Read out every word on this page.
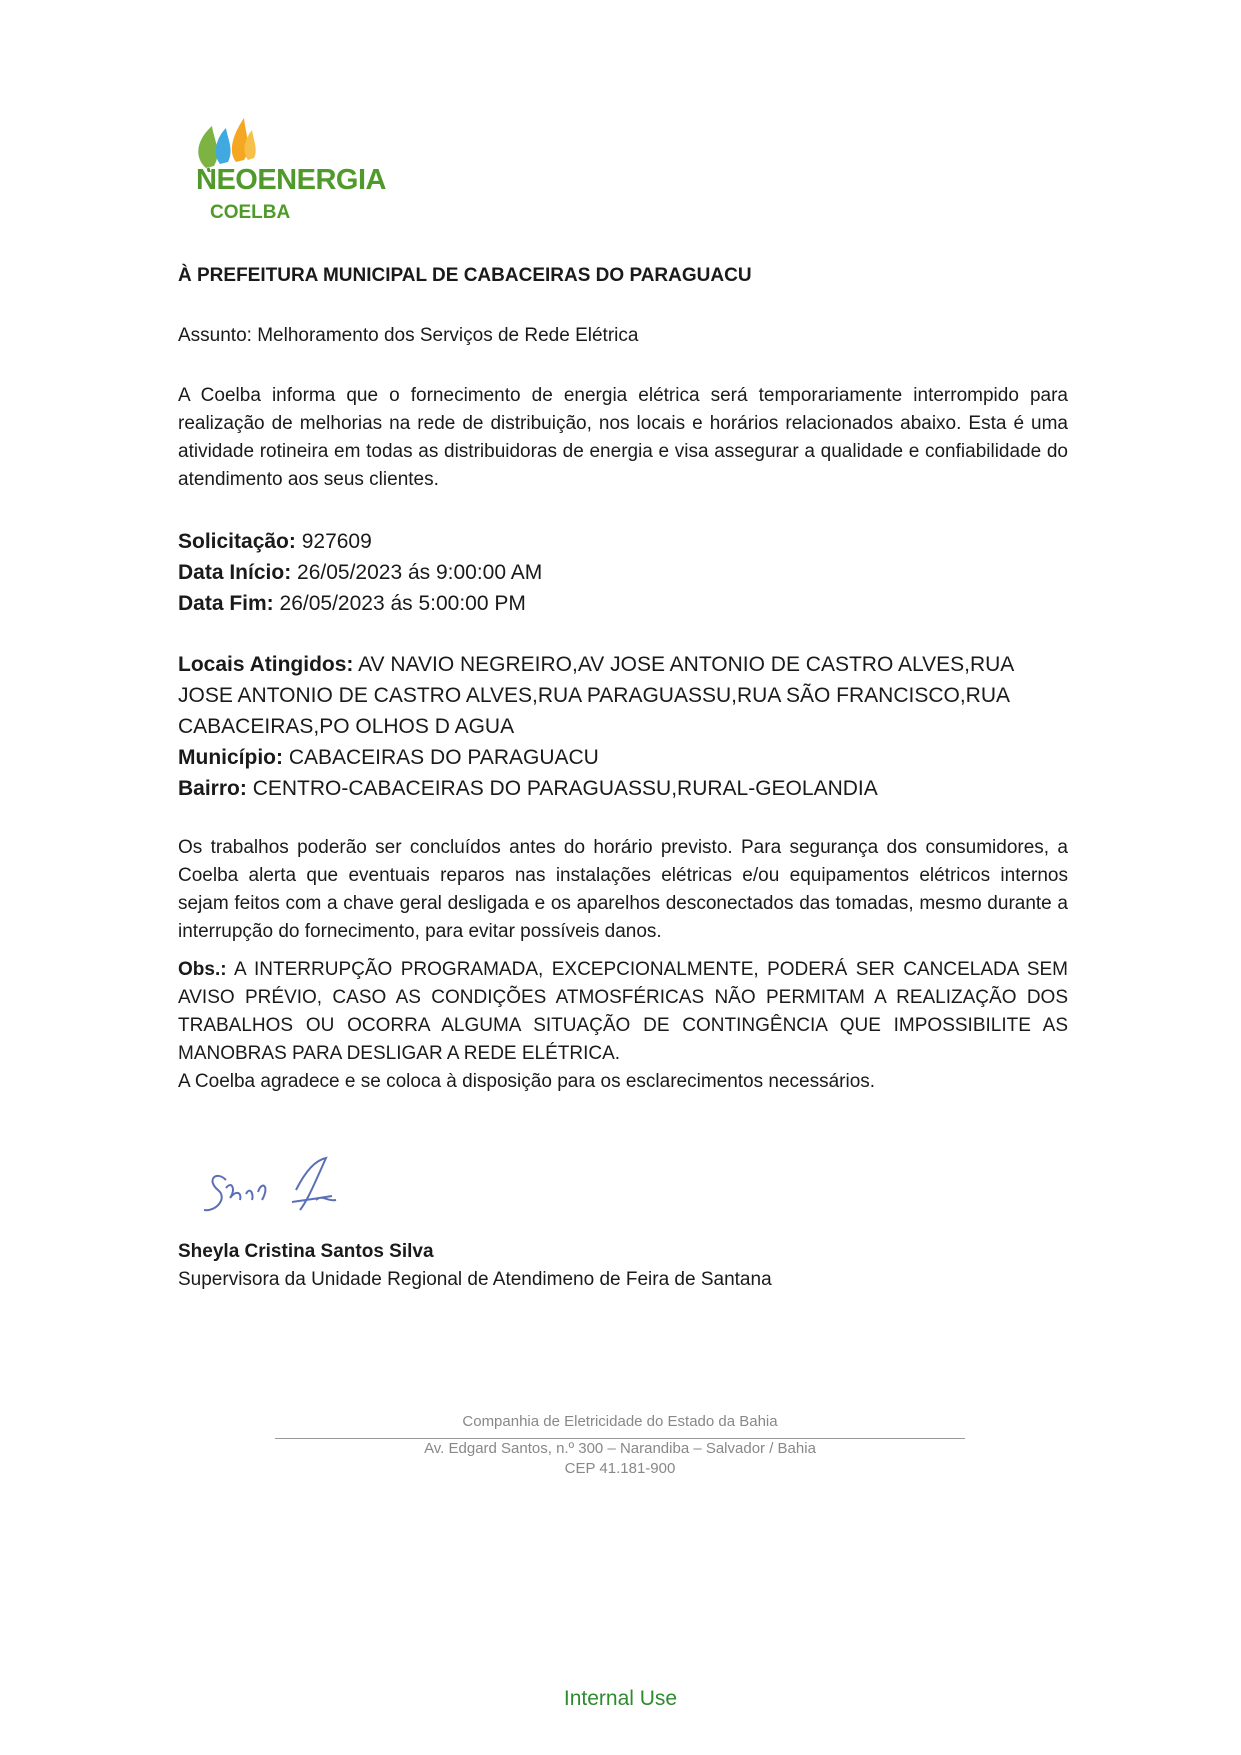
NEOENERGIA
COELBA

À PREFEITURA MUNICIPAL DE CABACEIRAS DO PARAGUACU

Assunto: Melhoramento dos Serviços de Rede Elétrica

A Coelba informa que o fornecimento de energia elétrica será temporariamente interrompido para realização de melhorias na rede de distribuição, nos locais e horários relacionados abaixo. Esta é uma atividade rotineira em todas as distribuidoras de energia e visa assegurar a qualidade e confiabilidade do atendimento aos seus clientes.

Solicitação: 927609
Data Início: 26/05/2023 ás 9:00:00 AM
Data Fim: 26/05/2023 ás 5:00:00 PM
Locais Atingidos: AV NAVIO NEGREIRO,AV JOSE ANTONIO DE CASTRO ALVES,RUA JOSE ANTONIO DE CASTRO ALVES,RUA PARAGUASSU,RUA SÃO FRANCISCO,RUA CABACEIRAS,PO OLHOS D AGUA
Município: CABACEIRAS DO PARAGUACU
Bairro: CENTRO-CABACEIRAS DO PARAGUASSU,RURAL-GEOLANDIA

Os trabalhos poderão ser concluídos antes do horário previsto. Para segurança dos consumidores, a Coelba alerta que eventuais reparos nas instalações elétricas e/ou equipamentos elétricos internos sejam feitos com a chave geral desligada e os aparelhos desconectados das tomadas, mesmo durante a interrupção do fornecimento, para evitar possíveis danos.

Obs.: A INTERRUPÇÃO PROGRAMADA, EXCEPCIONALMENTE, PODERÁ SER CANCELADA SEM AVISO PRÉVIO, CASO AS CONDIÇÕES ATMOSFÉRICAS NÃO PERMITAM A REALIZAÇÃO DOS TRABALHOS OU OCORRA ALGUMA SITUAÇÃO DE CONTINGÊNCIA QUE IMPOSSIBILITE AS MANOBRAS PARA DESLIGAR A REDE ELÉTRICA.

A Coelba agradece e se coloca à disposição para os esclarecimentos necessários.

Sheyla Cristina Santos Silva
Supervisora da Unidade Regional de Atendimeno de Feira de Santana
Companhia de Eletricidade do Estado da Bahia
Av. Edgard Santos, n.º 300 – Narandiba – Salvador / Bahia
CEP 41.181-900
Internal Use
